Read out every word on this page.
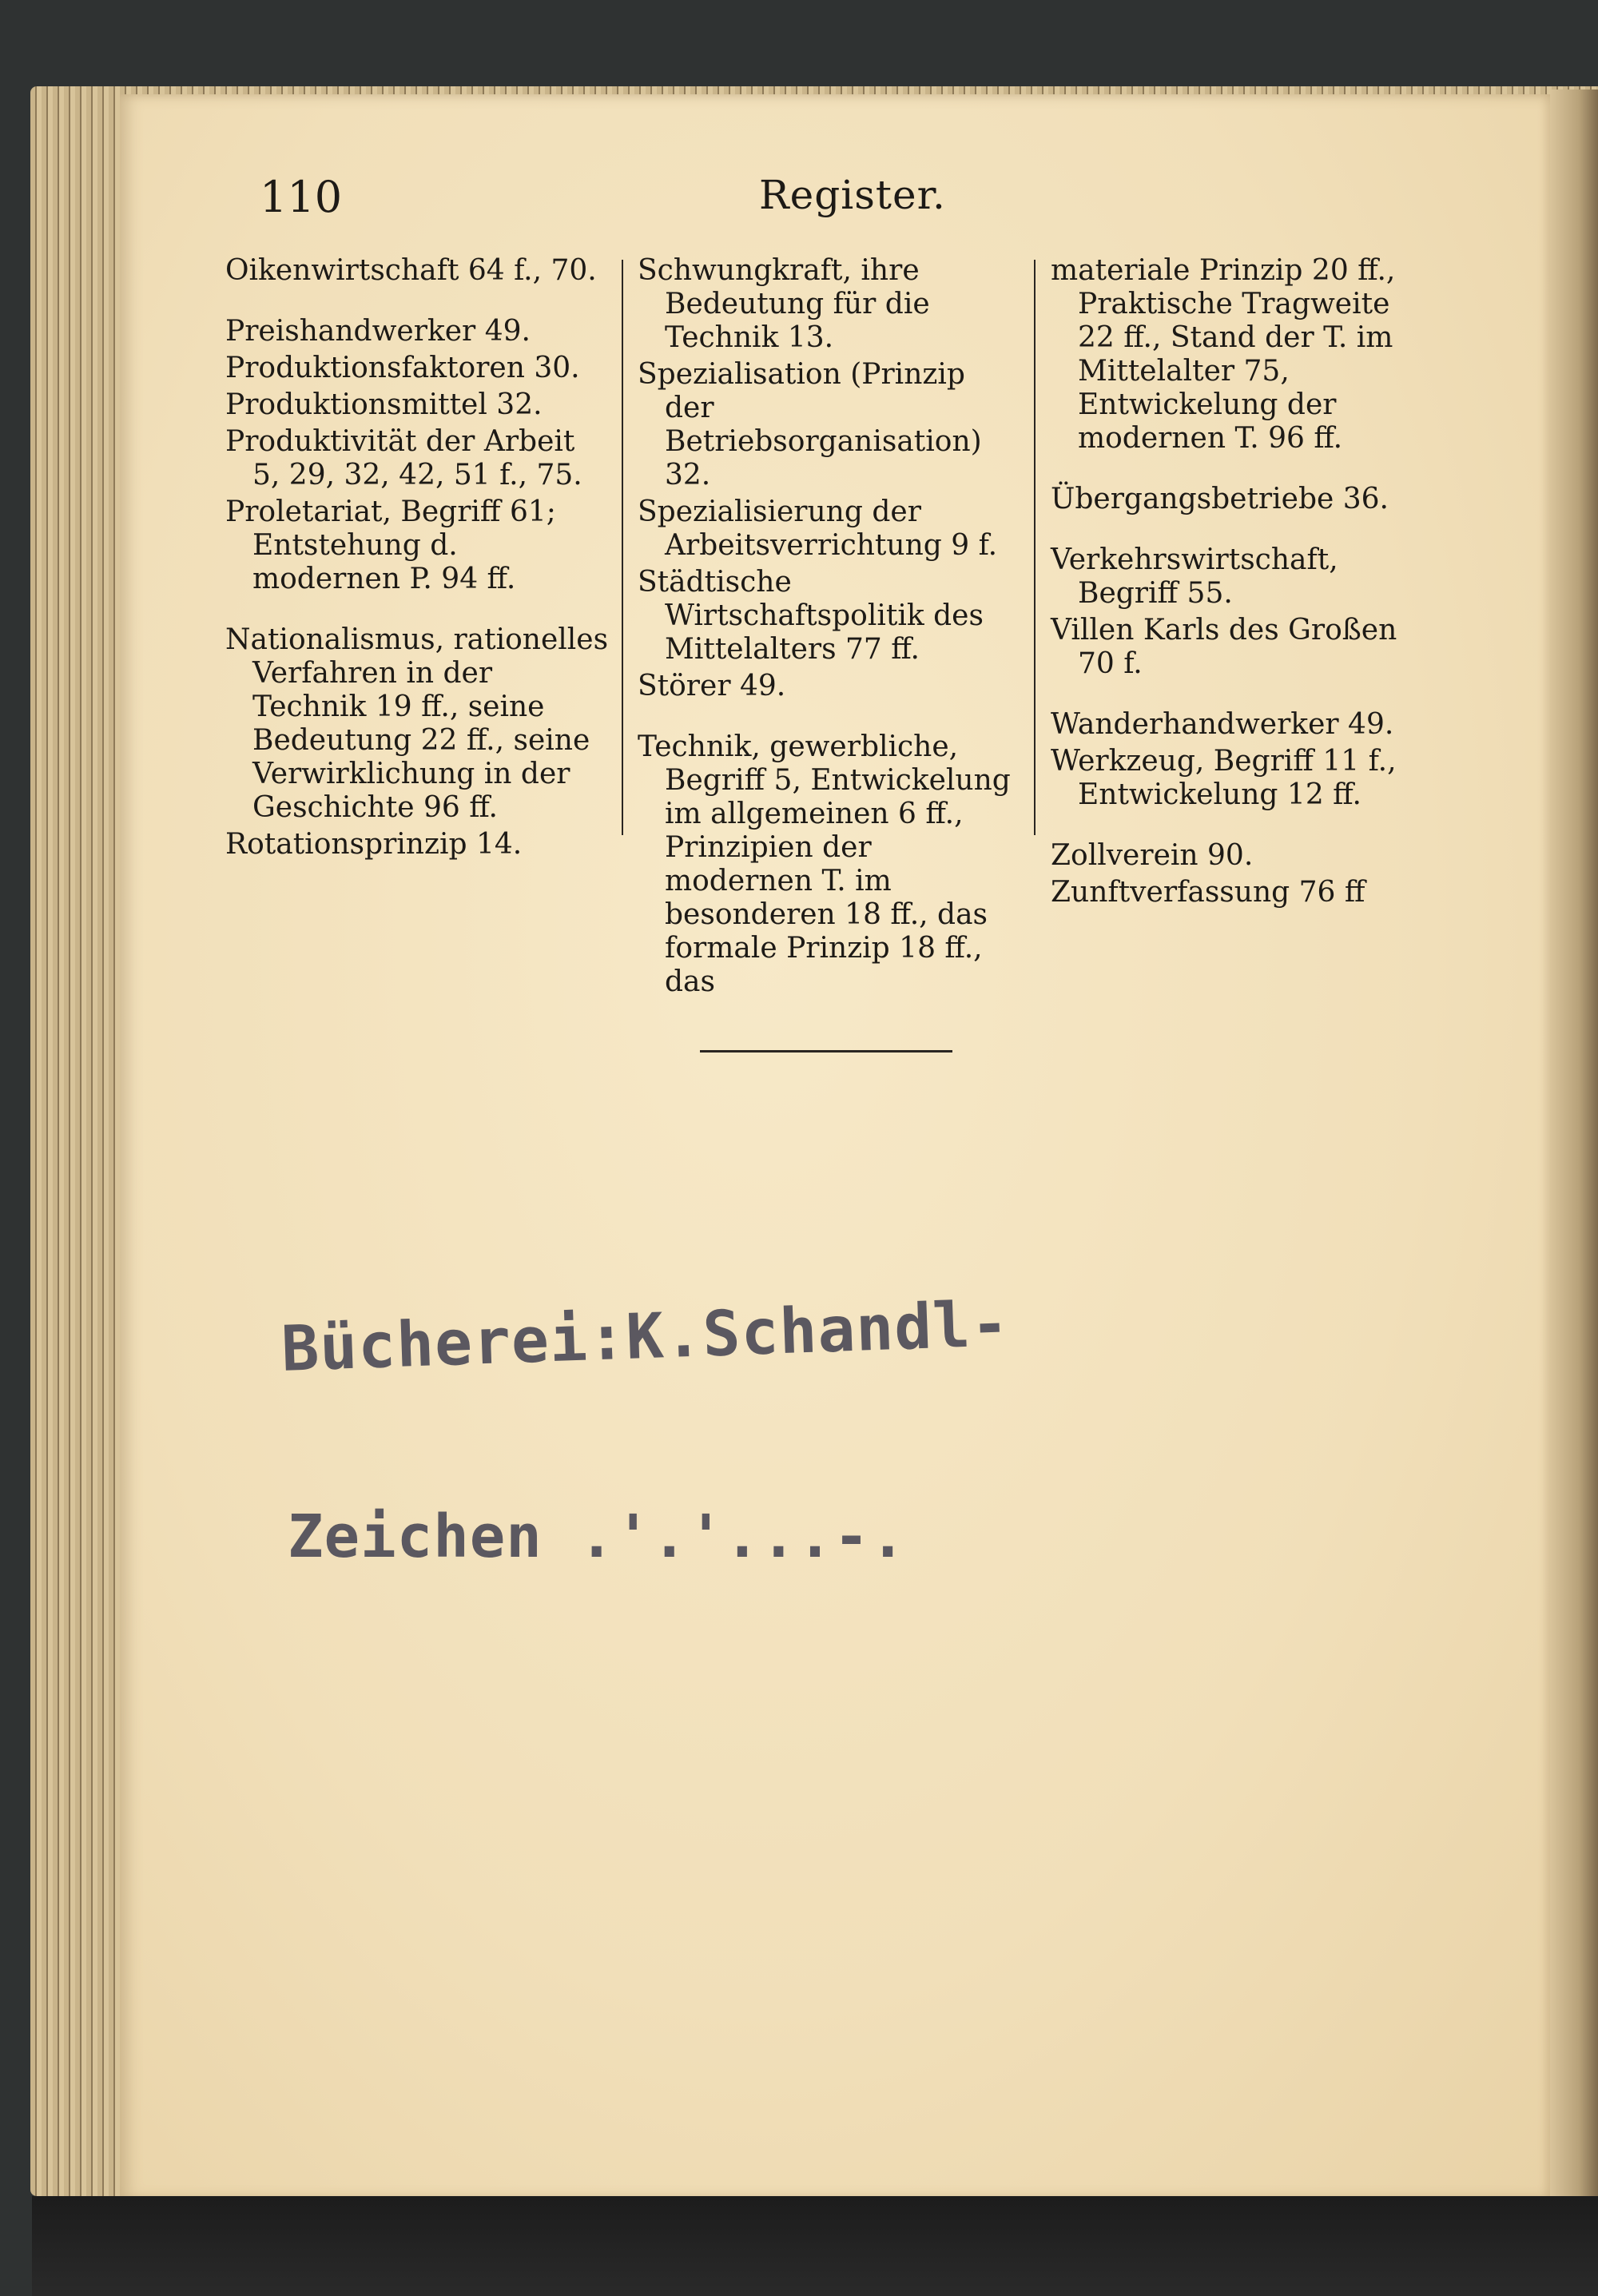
110	Register.
Oikenwirtschaft 64 f., 70.
Preishandwerker 49.
Produktionsfaktoren 30.
Produktionsmittel 32.
Produktivität der Arbeit 5, 29, 32, 42, 51 f., 75.
Proletariat, Begriff 61; Entstehung d. modernen P. 94 ff.
Nationalismus, rationelles Verfahren in der Technik 19 ff., seine Bedeutung 22 ff., seine Verwirklichung in der Geschichte 96 ff.
Rotationsprinzip 14.
Schwungkraft, ihre Bedeutung für die Technik 13.
Spezialisation (Prinzip der Betriebsorganisation) 32.
Spezialisierung der Arbeitsverrichtung 9 f.
Städtische Wirtschaftspolitik des Mittelalters 77 ff.
Störer 49.
Technik, gewerbliche, Begriff 5, Entwickelung im allgemeinen 6 ff., Prinzipien der modernen T. im besonderen 18 ff., das formale Prinzip 18 ff., das
materiale Prinzip 20 ff., Praktische Tragweite 22 ff., Stand der T. im Mittelalter 75, Entwickelung der modernen T. 96 ff.
Übergangsbetriebe 36.
Verkehrswirtschaft, Begriff 55.
Villen Karls des Großen 70 f.
Wanderhandwerker 49.
Werkzeug, Begriff 11 f., Entwickelung 12 ff.
Zollverein 90.
Zunftverfassung 76 ff
Bücherei:K.Schandl-
Zeichen .'.'...-.
